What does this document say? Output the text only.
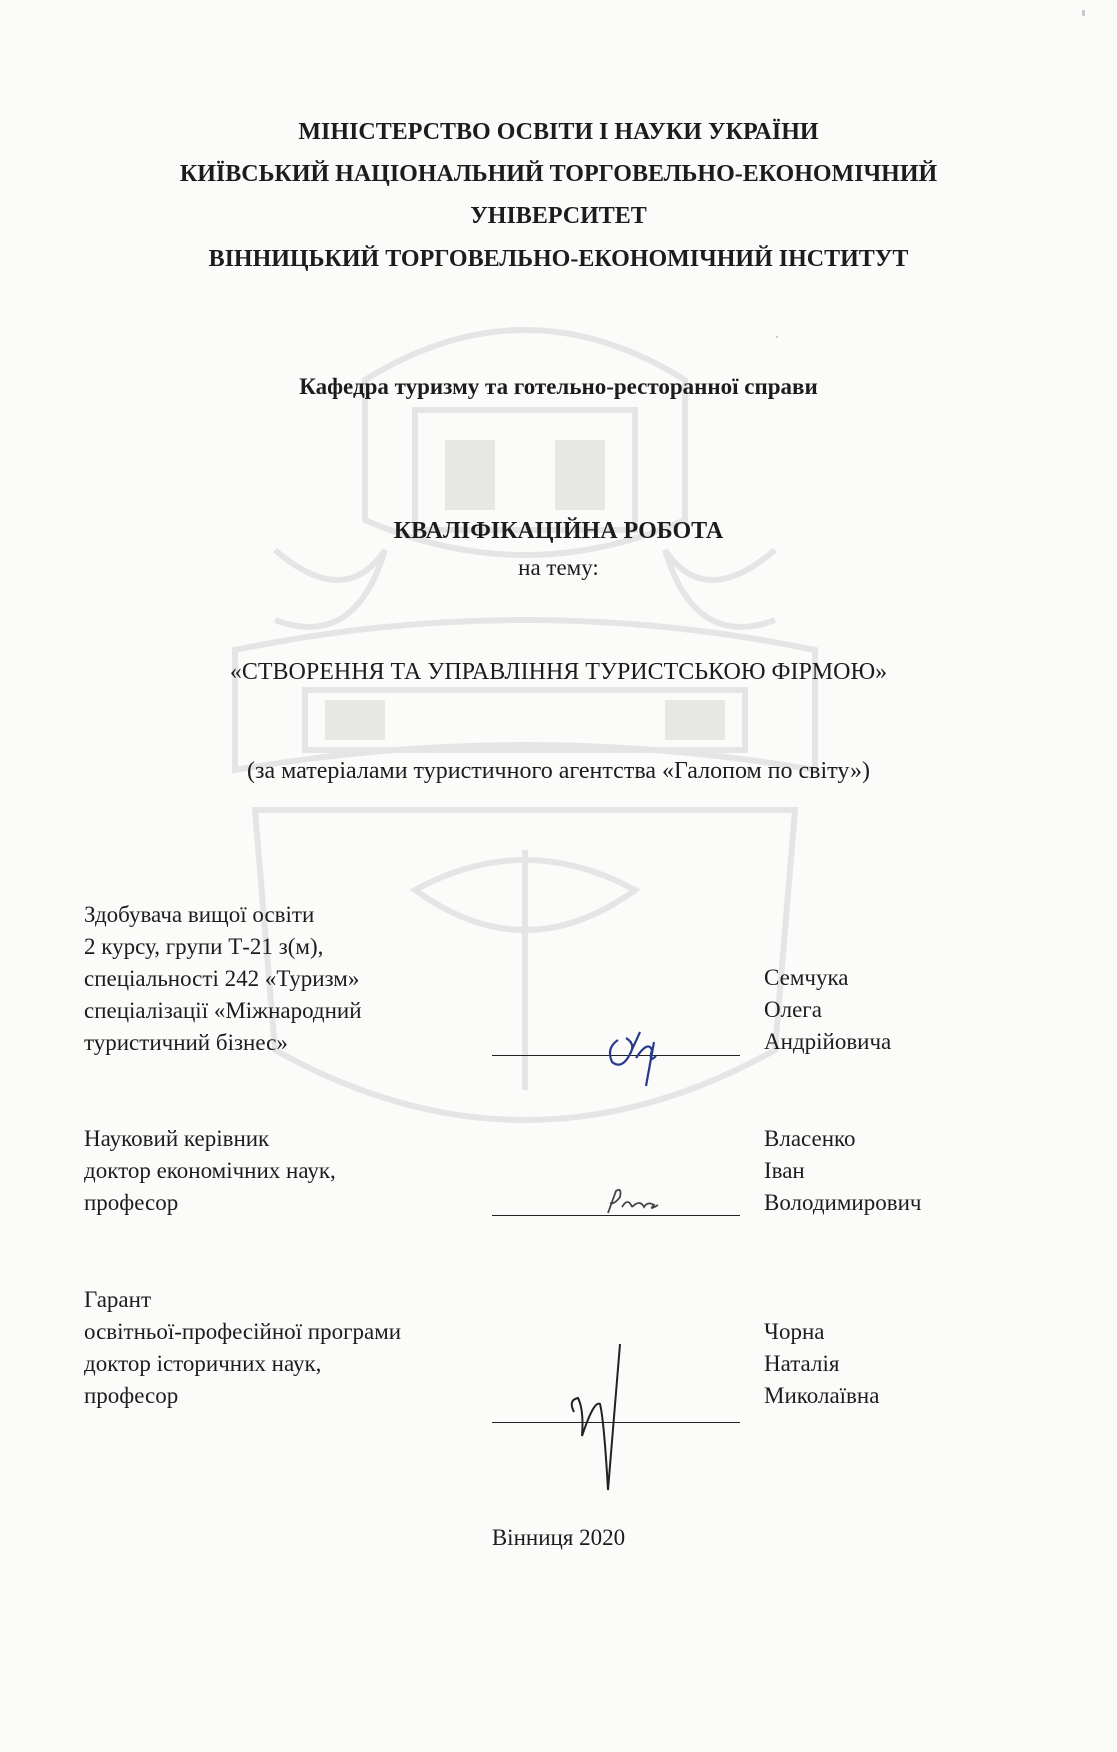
МІНІСТЕРСТВО ОСВІТИ І НАУКИ УКРАЇНИ
КИЇВСЬКИЙ НАЦІОНАЛЬНИЙ ТОРГОВЕЛЬНО-ЕКОНОМІЧНИЙ
УНІВЕРСИТЕТ
ВІННИЦЬКИЙ ТОРГОВЕЛЬНО-ЕКОНОМІЧНИЙ ІНСТИТУТ
Кафедра туризму та готельно-ресторанної справи
КВАЛІФІКАЦІЙНА РОБОТА
на тему:
«СТВОРЕННЯ ТА УПРАВЛІННЯ ТУРИСТСЬКОЮ ФІРМОЮ»
(за матеріалами туристичного агентства «Галопом по світу»)
Здобувача вищої освіти
2 курсу, групи Т-21 з(м),
спеціальності 242 «Туризм»
спеціалізації «Міжнародний
туристичний бізнес»
Семчука
Олега
Андрійовича
Науковий керівник
доктор економічних наук,
професор
Власенко
Іван
Володимирович
Гарант
освітньої-професійної програми
доктор історичних наук,
професор
Чорна
Наталія
Миколаївна
Вінниця 2020
